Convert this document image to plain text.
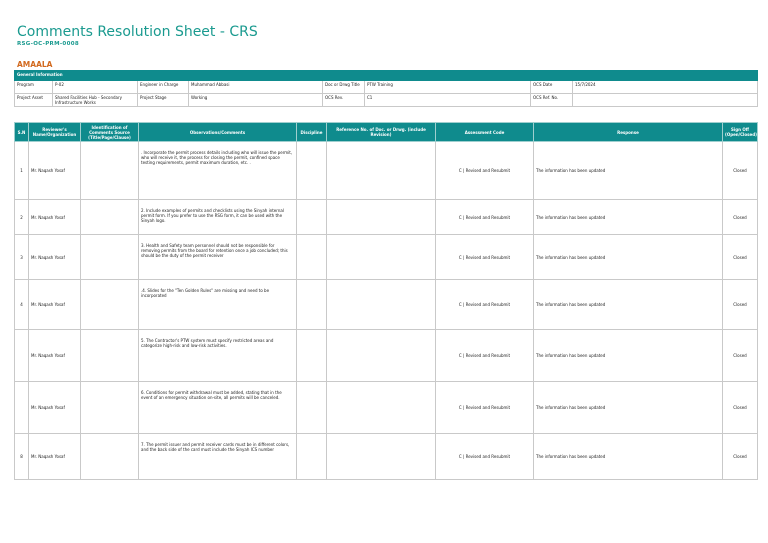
Comments Resolution Sheet - CRS
RSG-OC-PRM-0008
AMAALA
General Information							
Program	P-02	Engineer in Charge	Muhammad Abbasi	Doc or Drwg Title	PTW Training	OCS Date	15/7/2024
Project Asset	Shared Facilities Hub - Secondary Infrastructure Works	Project Stage	Working	OCS Rev.	C1	OCS Ref. No.	
S.N	Reviewer's Name/Organization	Identification of Comments Source (Title/Page/Clause)	Observations/Comments	Discipline	Reference No. of Doc. or Drwg. (include Revision)	Assessment Code	Response	Sign Off (Open/Closed)
1	Mr. Naqash Yosaf		. Incorporate the permit process details including who will issue the permit, who will receive it, the process for closing the permit, confined space testing requirements, permit maximum duration, etc. .			C | Revised and Resubmit	The information has been updated	Closed
2	Mr. Naqash Yosaf		2. Include examples of permits and checklists using the Sinyah internal permit form. If you prefer to use the RSG form, it can be used with the Sinyah logo.			C | Revised and Resubmit	The information has been updated	Closed
3	Mr. Naqash Yosaf		3. Health and Safety team personnel should not be responsible for removing permits from the board for retention once a job concluded; this should be the duty of the permit receiver			C | Revised and Resubmit	The information has been updated	Closed
4	Mr. Naqash Yosaf		.4. Slides for the "Ten Golden Rules" are missing and need to be incorporated			C | Revised and Resubmit	The information has been updated	Closed
	Mr. Naqash Yosaf		5. The Contractor's PTW system must specify restricted areas and categorize high-risk and low-risk activities.			C | Revised and Resubmit	The information has been updated	Closed
	Mr. Naqash Yosaf		6. Conditions for permit withdrawal must be added, stating that in the event of an emergency situation on-site, all permits will be canceled.			C | Revised and Resubmit	The information has been updated	Closed
8	Mr. Naqash Yosaf		7. The permit issuer and permit receiver cards must be in different colors, and the back side of the card must include the Sinyah ICS number			C | Revised and Resubmit	The information has been updated	Closed
